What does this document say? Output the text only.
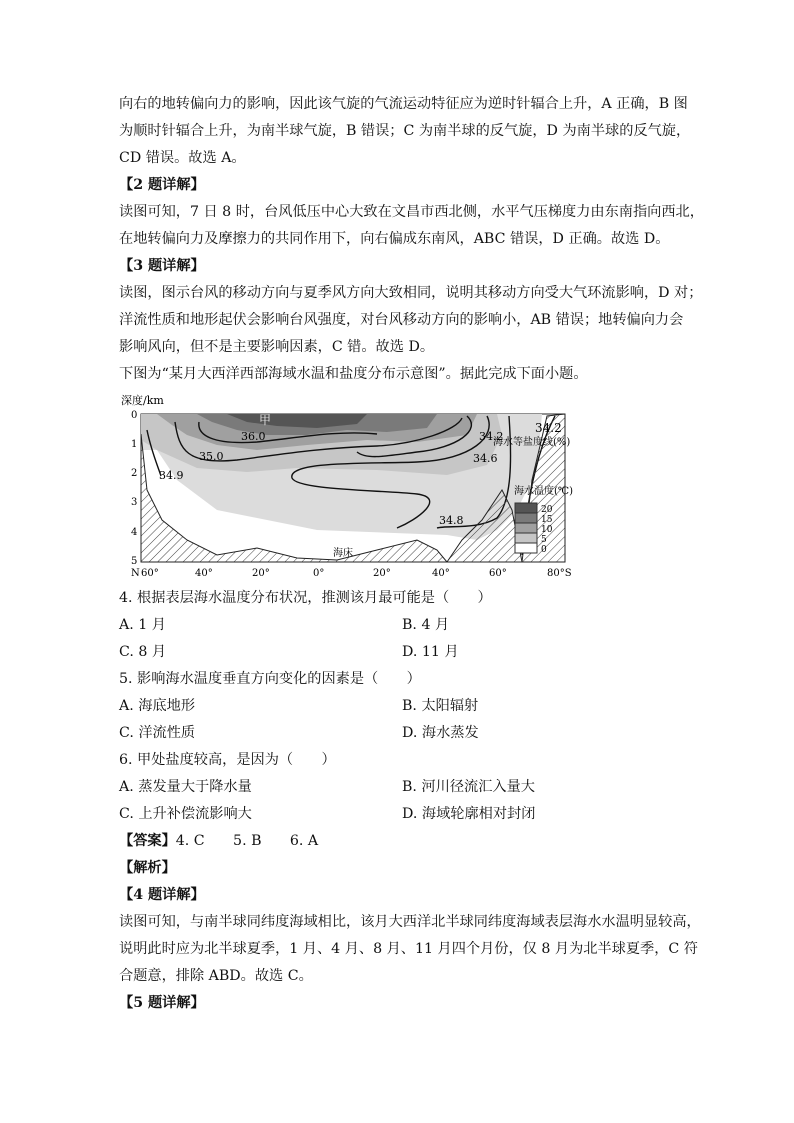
向右的地转偏向力的影响，因此该气旋的气流运动特征应为逆时针辐合上升，A 正确，B 图
为顺时针辐合上升，为南半球气旋，B 错误；C 为南半球的反气旋，D 为南半球的反气旋，
CD 错误。故选 A。
【2 题详解】
读图可知，7 日 8 时，台风低压中心大致在文昌市西北侧，水平气压梯度力由东南指向西北，
在地转偏向力及摩擦力的共同作用下，向右偏成东南风，ABC 错误，D 正确。故选 D。
【3 题详解】
读图，图示台风的移动方向与夏季风方向大致相同，说明其移动方向受大气环流影响，D 对；
洋流性质和地形起伏会影响台风强度，对台风移动方向的影响小，AB 错误；地转偏向力会
影响风向，但不是主要影响因素，C 错。故选 D。
下图为“某月大西洋西部海域水温和盐度分布示意图”。据此完成下面小题。
深度/km
0
1
2
3
4
5
N 60°	40°	20°	0°	20°	40°	60°	80°S
36.0
35.0
34.9
34.2
34.6
34.8
34.2
甲
海床
海水等盐度线(%)
海水温度(℃)
20
15
10
5
0
4. 根据表层海水温度分布状况，推测该月最可能是（　　）
A. 1 月	B. 4 月
C. 8 月	D. 11 月
5. 影响海水温度垂直方向变化的因素是（　　）
A. 海底地形	B. 太阳辐射
C. 洋流性质	D. 海水蒸发
6. 甲处盐度较高，是因为（　　）
A. 蒸发量大于降水量	B. 河川径流汇入量大
C. 上升补偿流影响大	D. 海域轮廓相对封闭
【答案】4. C　　5. B　　6. A
【解析】
【4 题详解】
读图可知，与南半球同纬度海域相比，该月大西洋北半球同纬度海域表层海水水温明显较高，
说明此时应为北半球夏季，1 月、4 月、8 月、11 月四个月份，仅 8 月为北半球夏季，C 符
合题意，排除 ABD。故选 C。
【5 题详解】
